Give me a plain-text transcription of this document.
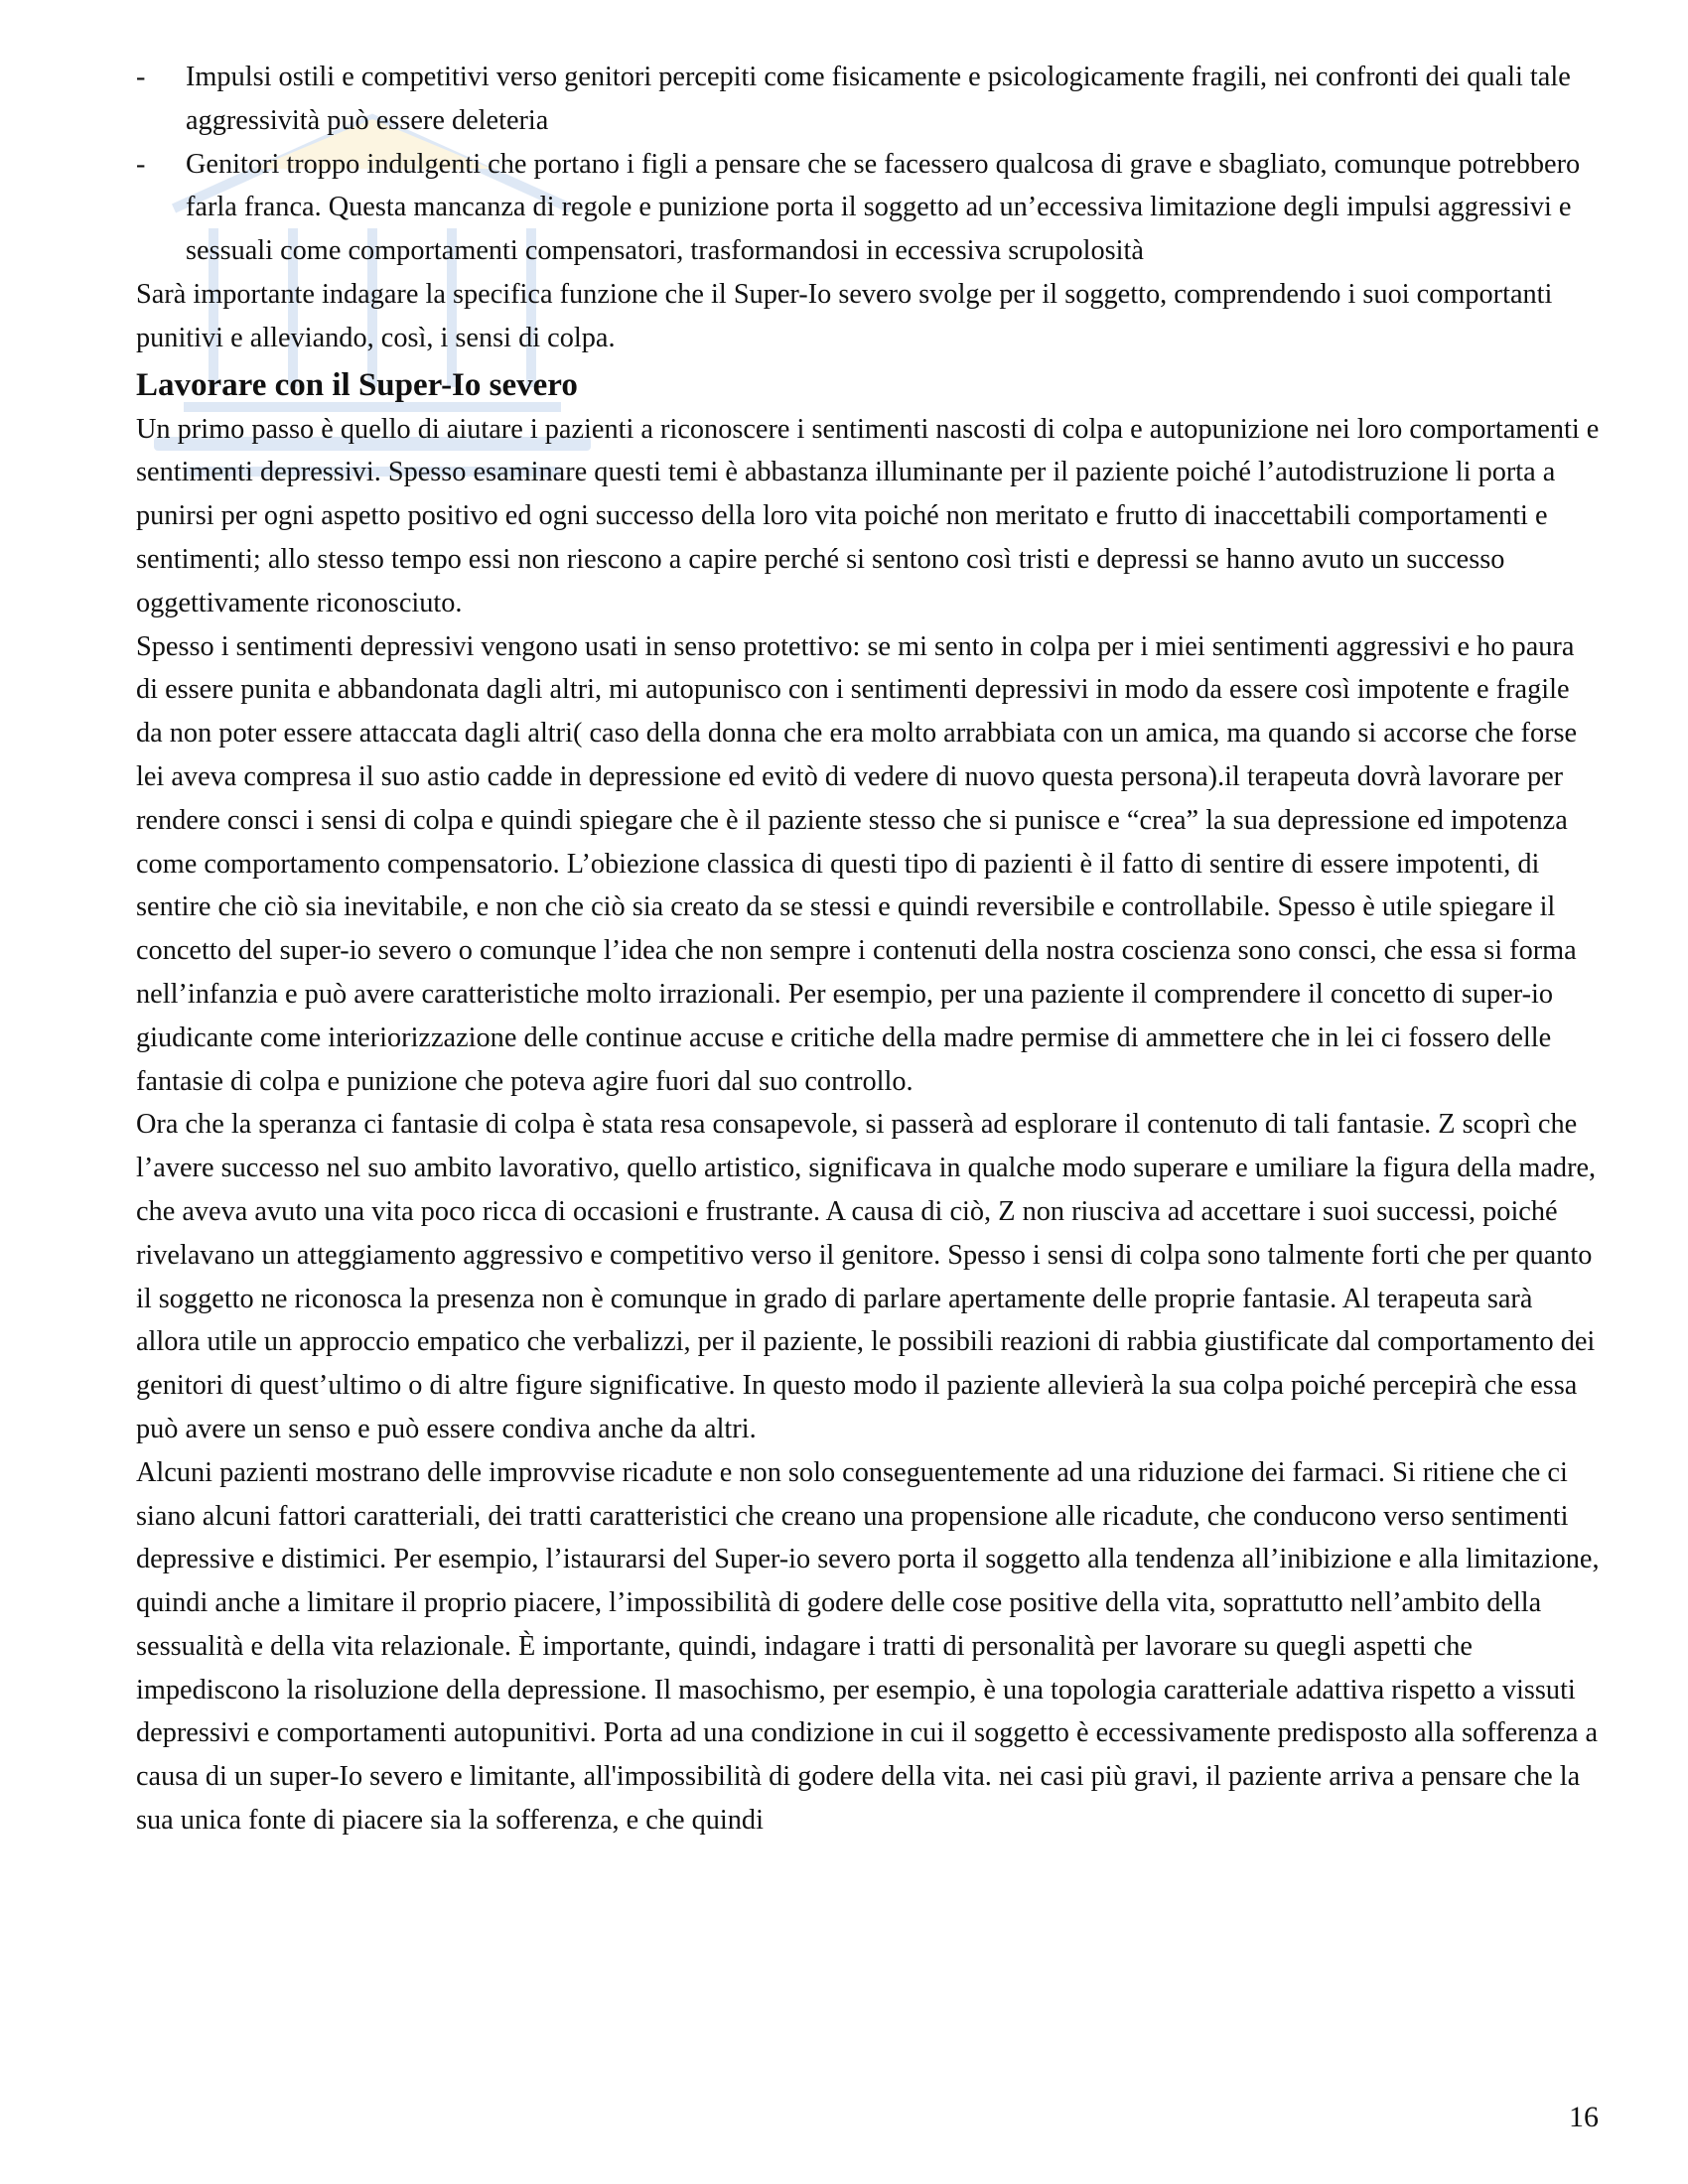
- Impulsi ostili e competitivi verso genitori percepiti come fisicamente e psicologicamente fragili, nei confronti dei quali tale aggressività può essere deleteria
- Genitori troppo indulgenti che portano i figli a pensare che se facessero qualcosa di grave e sbagliato, comunque potrebbero farla franca. Questa mancanza di regole e punizione porta il soggetto ad un’eccessiva limitazione degli impulsi aggressivi e sessuali come comportamenti compensatori, trasformandosi in eccessiva scrupolosità

Sarà importante indagare la specifica funzione che il Super-Io severo svolge per il soggetto, comprendendo i suoi comportanti punitivi e alleviando, così, i sensi di colpa.

Lavorare con il Super-Io severo

Un primo passo è quello di aiutare i pazienti a riconoscere i sentimenti nascosti di colpa e autopunizione nei loro comportamenti e sentimenti depressivi. Spesso esaminare questi temi è abbastanza illuminante per il paziente poiché l’autodistruzione li porta a punirsi per ogni aspetto positivo ed ogni successo della loro vita poiché non meritato e frutto di inaccettabili comportamenti e sentimenti; allo stesso tempo essi non riescono a capire perché si sentono così tristi e depressi se hanno avuto un successo oggettivamente riconosciuto.

Spesso i sentimenti depressivi vengono usati in senso protettivo: se mi sento in colpa per i miei sentimenti aggressivi e ho paura di essere punita e abbandonata dagli altri, mi autopunisco con i sentimenti depressivi in modo da essere così impotente e fragile da non poter essere attaccata dagli altri( caso della donna che era molto arrabbiata con un amica, ma quando si accorse che forse lei aveva compresa il suo astio cadde in depressione ed evitò di vedere di nuovo questa persona).il terapeuta dovrà lavorare per rendere consci i sensi di colpa e quindi spiegare che è il paziente stesso che si punisce e “crea” la sua depressione ed impotenza come comportamento compensatorio. L’obiezione classica di questi tipo di pazienti è il fatto di sentire di essere impotenti, di sentire che ciò sia inevitabile, e non che ciò sia creato da se stessi e quindi reversibile e controllabile. Spesso è utile spiegare il concetto del super-io severo o comunque l’idea che non sempre i contenuti della nostra coscienza sono consci, che essa si forma nell’infanzia e può avere caratteristiche molto irrazionali. Per esempio, per una paziente il comprendere il concetto di super-io giudicante come interiorizzazione delle continue accuse e critiche della madre permise di ammettere che in lei ci fossero delle fantasie di colpa e punizione che poteva agire fuori dal suo controllo.

Ora che la speranza ci fantasie di colpa è stata resa consapevole, si passerà ad esplorare il contenuto di tali fantasie. Z scoprì che l’avere successo nel suo ambito lavorativo, quello artistico, significava in qualche modo superare e umiliare la figura della madre, che aveva avuto una vita poco ricca di occasioni e frustrante. A causa di ciò, Z non riusciva ad accettare i suoi successi, poiché rivelavano un atteggiamento aggressivo e competitivo verso il genitore. Spesso i sensi di colpa sono talmente forti che per quanto il soggetto ne riconosca la presenza non è comunque in grado di parlare apertamente delle proprie fantasie. Al terapeuta sarà allora utile un approccio empatico che verbalizzi, per il paziente, le possibili reazioni di rabbia giustificate dal comportamento dei genitori di quest’ultimo o di altre figure significative. In questo modo il paziente allevierà la sua colpa poiché percepirà che essa può avere un senso e può essere condiva anche da altri.

Alcuni pazienti mostrano delle improvvise ricadute e non solo conseguentemente ad una riduzione dei farmaci. Si ritiene che ci siano alcuni fattori caratteriali, dei tratti caratteristici che creano una propensione alle ricadute, che conducono verso sentimenti depressive e distimici. Per esempio, l’istaurarsi del Super-io severo porta il soggetto alla tendenza all’inibizione e alla limitazione, quindi anche a limitare il proprio piacere, l’impossibilità di godere delle cose positive della vita, soprattutto nell’ambito della sessualità e della vita relazionale. È importante, quindi, indagare i tratti di personalità per lavorare su quegli aspetti che impediscono la risoluzione della depressione. Il masochismo, per esempio, è una topologia caratteriale adattiva rispetto a vissuti depressivi e comportamenti autopunitivi. Porta ad una condizione in cui il soggetto è eccessivamente predisposto alla sofferenza a causa di un super-Io severo e limitante, all'impossibilità di godere della vita. nei casi più gravi, il paziente arriva a pensare che la sua unica fonte di piacere sia la sofferenza, e che quindi

16
